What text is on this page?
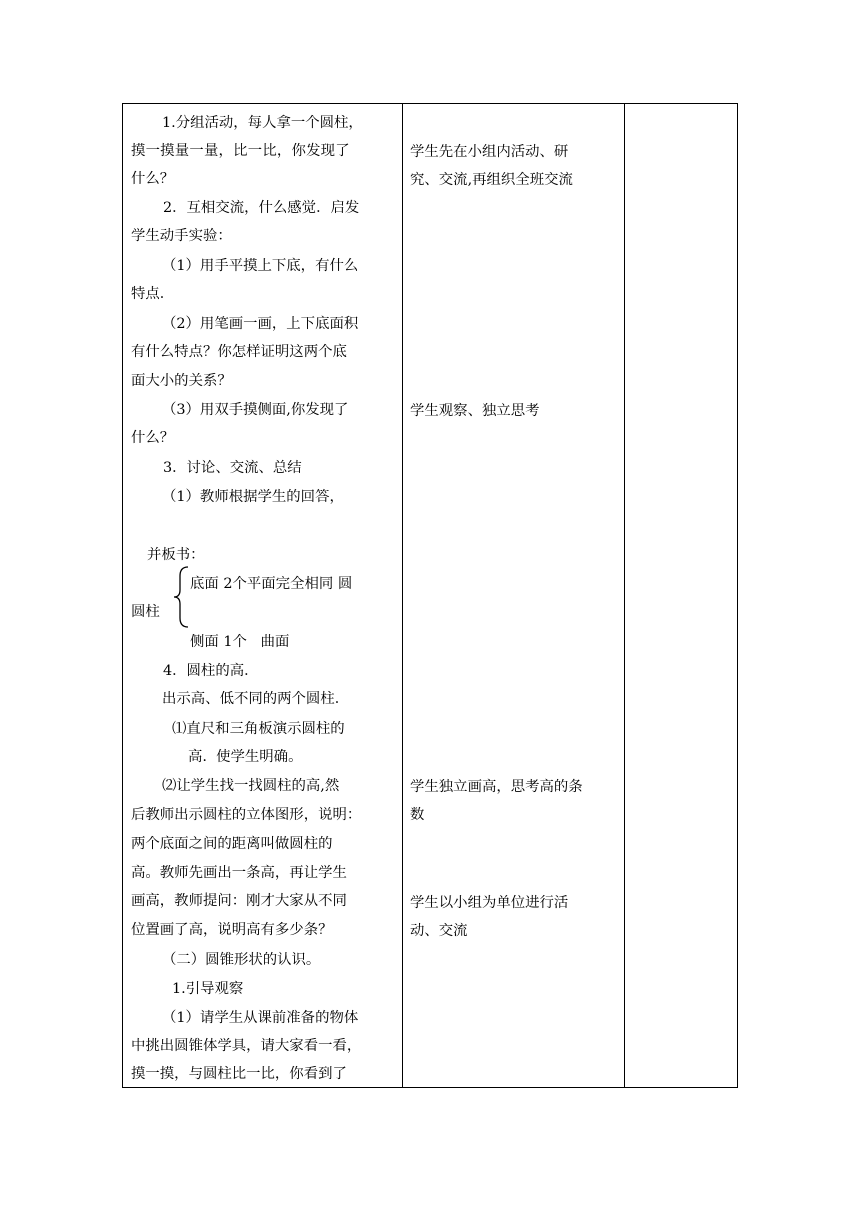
1.分组活动，每人拿一个圆柱，
摸一摸量一量，比一比，你发现了
什么？
2．互相交流，什么感觉．启发
学生动手实验：
（1）用手平摸上下底，有什么
特点．
（2）用笔画一画，上下底面积
有什么特点？你怎样证明这两个底
面大小的关系？
（3）用双手摸侧面,你发现了
什么？
3．讨论、交流、总结
（1）教师根据学生的回答，
并板书：
底面 2个平面完全相同 圆
圆柱
侧面 1个   曲面
4．圆柱的高．
出示高、低不同的两个圆柱．
⑴直尺和三角板演示圆柱的
高.  使学生明确。
⑵让学生找一找圆柱的高,然
后教师出示圆柱的立体图形，说明：
两个底面之间的距离叫做圆柱的
高。教师先画出一条高，再让学生
画高，教师提问：刚才大家从不同
位置画了高，说明高有多少条？
（二）圆锥形状的认识。
1.引导观察
（1）请学生从课前准备的物体
中挑出圆锥体学具，请大家看一看，
摸一摸，与圆柱比一比，你看到了
学生先在小组内活动、研
究、交流,再组织全班交流
学生观察、独立思考
学生独立画高，思考高的条
数
学生以小组为单位进行活
动、交流
